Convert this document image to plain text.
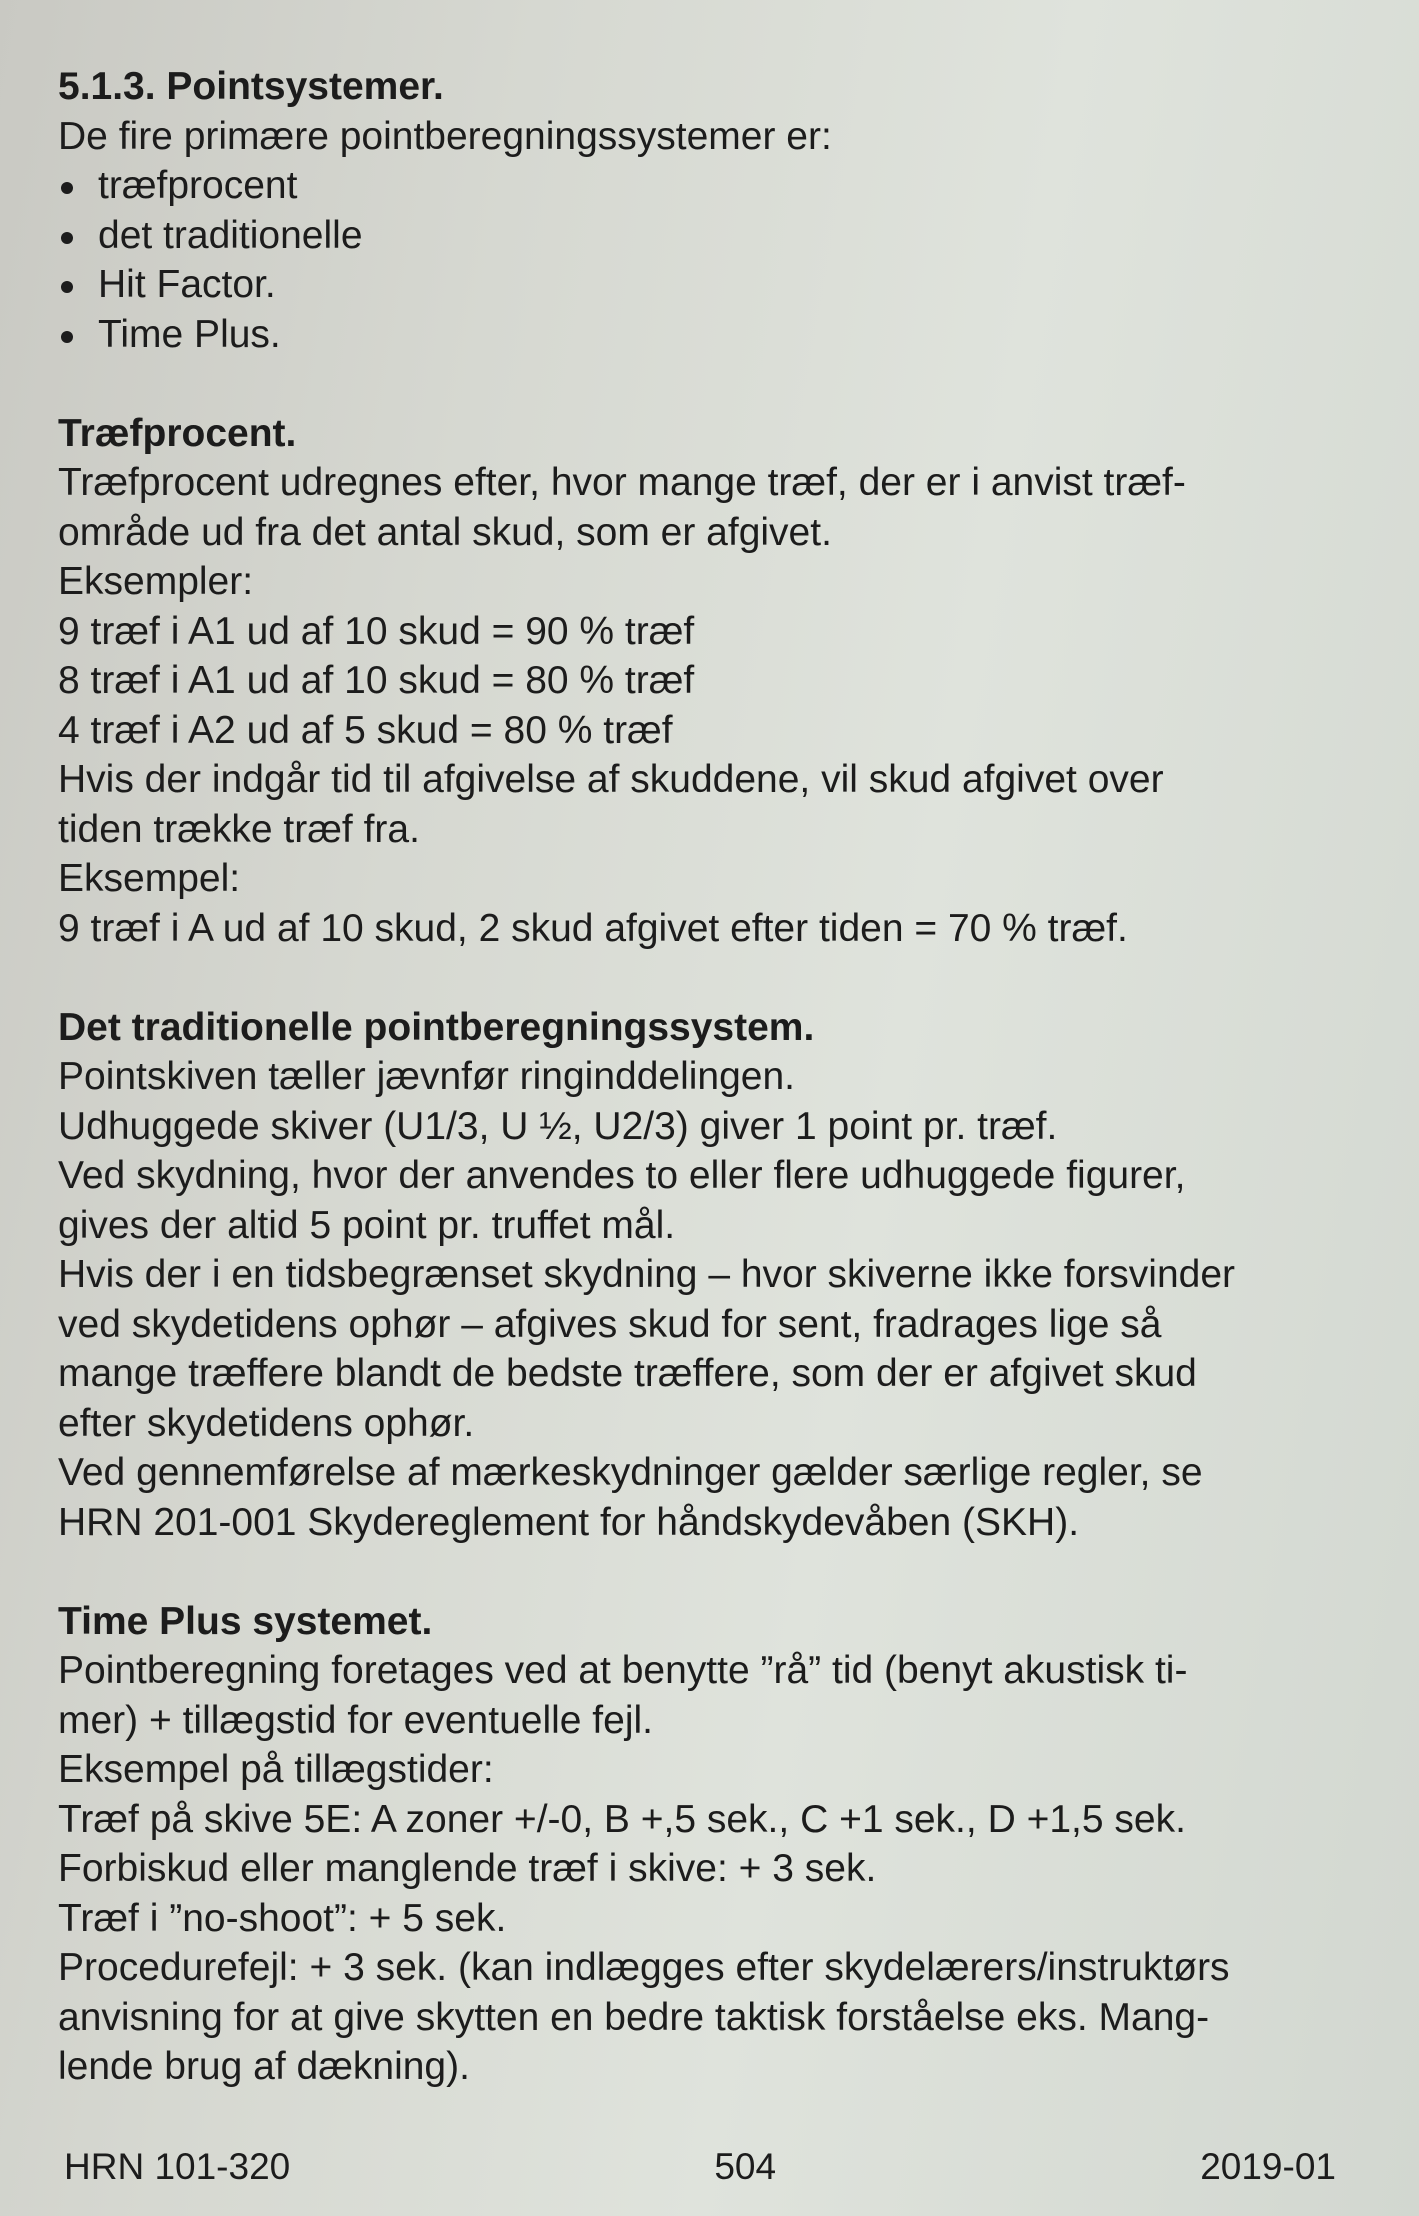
5.1.3. Pointsystemer.

De fire primære pointberegningssystemer er:

træfprocent
det traditionelle
Hit Factor.
Time Plus.

Træfprocent.

Træfprocent udregnes efter, hvor mange træf, der er i anvist træf-

område ud fra det antal skud, som er afgivet.

Eksempler:

9 træf i A1 ud af 10 skud = 90 % træf

8 træf i A1 ud af 10 skud = 80 % træf

4 træf i A2 ud af 5 skud = 80 % træf

Hvis der indgår tid til afgivelse af skuddene, vil skud afgivet over

tiden trække træf fra.

Eksempel:

9 træf i A ud af 10 skud, 2 skud afgivet efter tiden = 70 % træf.

Det traditionelle pointberegningssystem.

Pointskiven tæller jævnfør ringinddelingen.

Udhuggede skiver (U1/3, U ½, U2/3) giver 1 point pr. træf.

Ved skydning, hvor der anvendes to eller flere udhuggede figurer,

gives der altid 5 point pr. truffet mål.

Hvis der i en tidsbegrænset skydning – hvor skiverne ikke forsvinder

ved skydetidens ophør – afgives skud for sent, fradrages lige så

mange træffere blandt de bedste træffere, som der er afgivet skud

efter skydetidens ophør.

Ved gennemførelse af mærkeskydninger gælder særlige regler, se

HRN 201-001 Skydereglement for håndskydevåben (SKH).

Time Plus systemet.

Pointberegning foretages ved at benytte ”rå” tid (benyt akustisk ti-

mer) + tillægstid for eventuelle fejl.

Eksempel på tillægstider:

Træf på skive 5E: A zoner +/-0, B +,5 sek., C +1 sek., D +1,5 sek.

Forbiskud eller manglende træf i skive: + 3 sek.

Træf i ”no-shoot”: + 5 sek.

Procedurefejl: + 3 sek. (kan indlægges efter skydelærers/instruktørs

anvisning for at give skytten en bedre taktisk forståelse eks. Mang-

lende brug af dækning).

HRN 101-320	504	2019-01
